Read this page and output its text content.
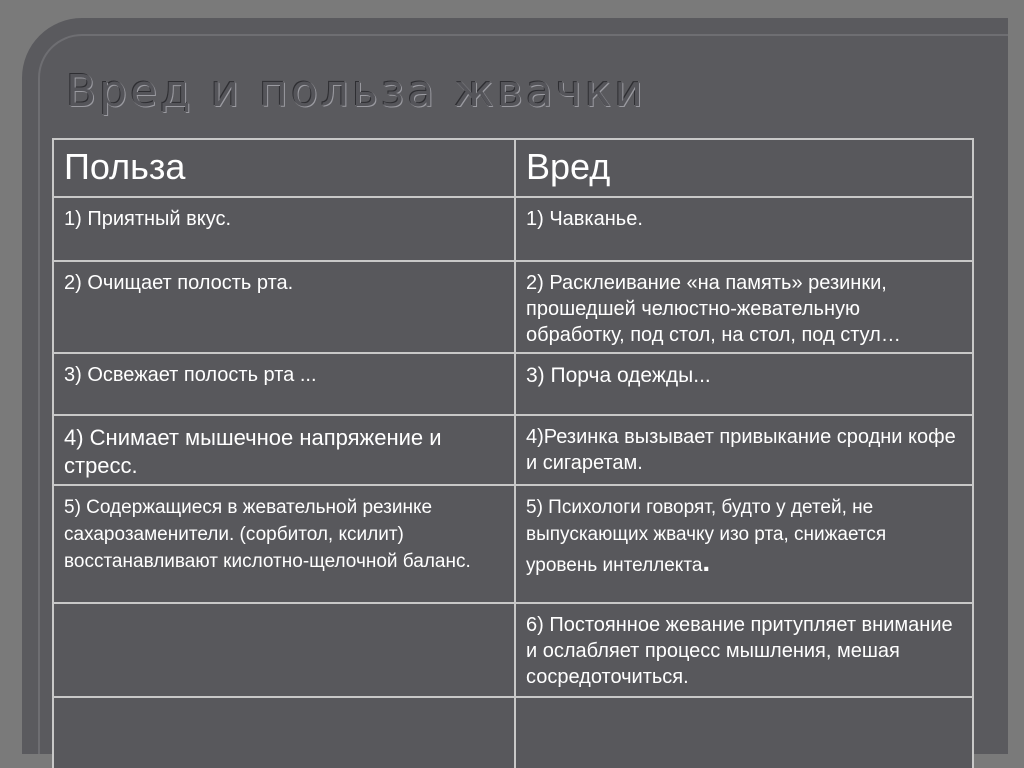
Вред и польза жвачки
Польза	Вред
1) Приятный вкус.	1) Чавканье.
2) Очищает полость рта.	2) Расклеивание «на память» резинки, прошедшей челюстно-жевательную обработку, под стол, на стол, под стул…
3) Освежает полость рта ...	3) Порча одежды...
4) Снимает мышечное напряжение и стресс.	4)Резинка вызывает привыкание сродни кофе и сигаретам.
5) Содержащиеся в жевательной резинке сахарозаменители. (сорбитол, ксилит) восстанавливают кислотно-щелочной баланс.	5) Психологи говорят, будто у детей, не выпускающих жвачку изо рта, снижается уровень интеллекта.
	6) Постоянное жевание притупляет внимание и ослабляет процесс мышления, мешая сосредоточиться.
